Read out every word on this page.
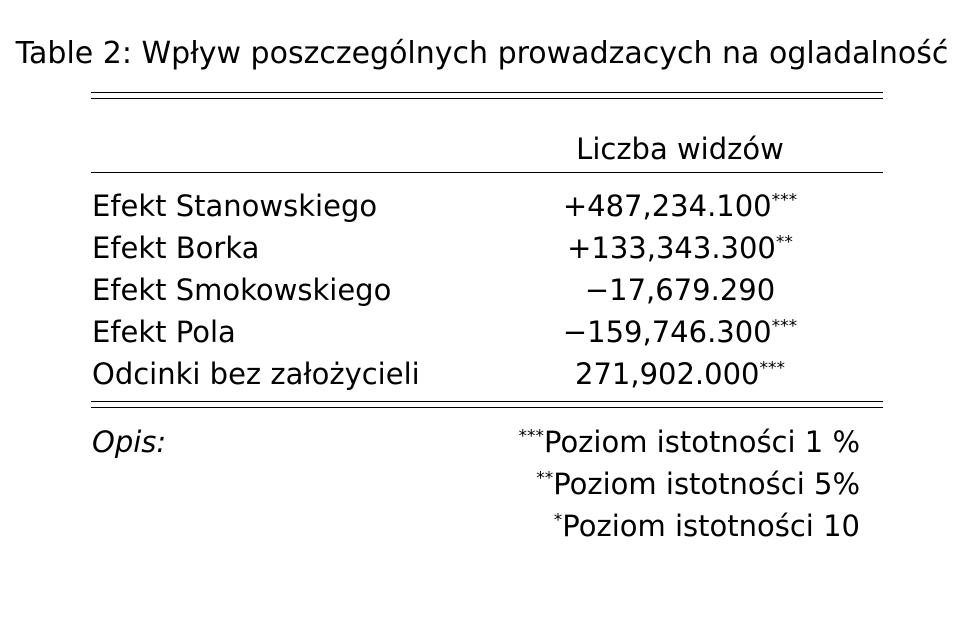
Table 2: Wpływ poszczególnych prowadzacych na ogladalność
Liczba widzów
Efekt Stanowskiego	+487,234.100***
Efekt Borka	+133,343.300**
Efekt Smokowskiego	−17,679.290
Efekt Pola	−159,746.300***
Odcinki bez założycieli	271,902.000***
Opis:	***Poziom istotności 1 %
**Poziom istotności 5%
*Poziom istotności 10
